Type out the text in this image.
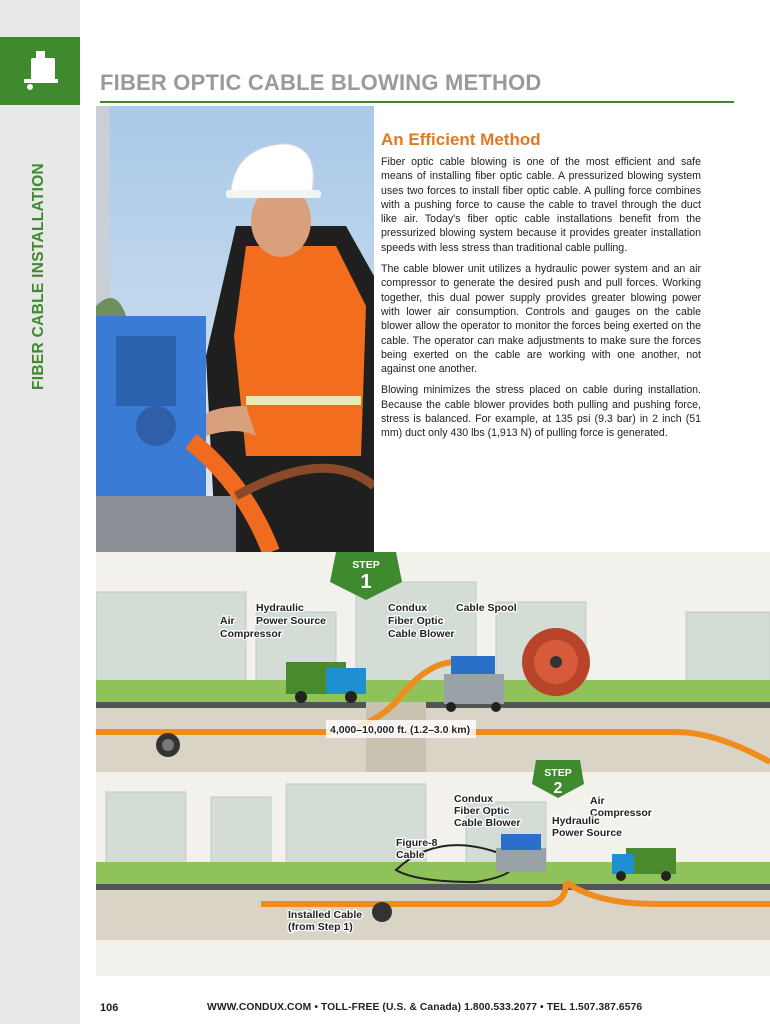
FIBER CABLE INSTALLATION
FIBER OPTIC CABLE BLOWING METHOD
An Efficient Method

Fiber optic cable blowing is one of the most efficient and safe means of installing fiber optic cable. A pressurized blowing system uses two forces to install fiber optic cable. A pulling force combines with a pushing force to cause the cable to travel through the duct like air. Today's fiber optic cable installations benefit from the pressurized blowing system because it provides greater installation speeds with less stress than traditional cable pulling.

The cable blower unit utilizes a hydraulic power system and an air compressor to generate the desired push and pull forces. Working together, this dual power supply provides greater blowing power with lower air consumption. Controls and gauges on the cable blower allow the operator to monitor the forces being exerted on the cable. The operator can make adjustments to make sure the forces being exerted on the cable are working with one another, not against one another.

Blowing minimizes the stress placed on cable during installation. Because the cable blower provides both pulling and pushing force, stress is balanced. For example, at 135 psi (9.3 bar) in 2 inch (51 mm) duct only 430 lbs (1,913 N) of pulling force is generated.

STEP
1
Hydraulic
Power Source
Air
Compressor
Condux
Fiber Optic
Cable Blower
Cable Spool
4,000–10,000 ft. (1.2–3.0 km)
STEP
2
Condux
Fiber Optic
Cable Blower
Air
Compressor
Hydraulic
Power Source
Figure-8
Cable
Installed Cable
(from Step 1)
106	WWW.CONDUX.COM • TOLL-FREE (U.S. & Canada) 1.800.533.2077 • TEL 1.507.387.6576
